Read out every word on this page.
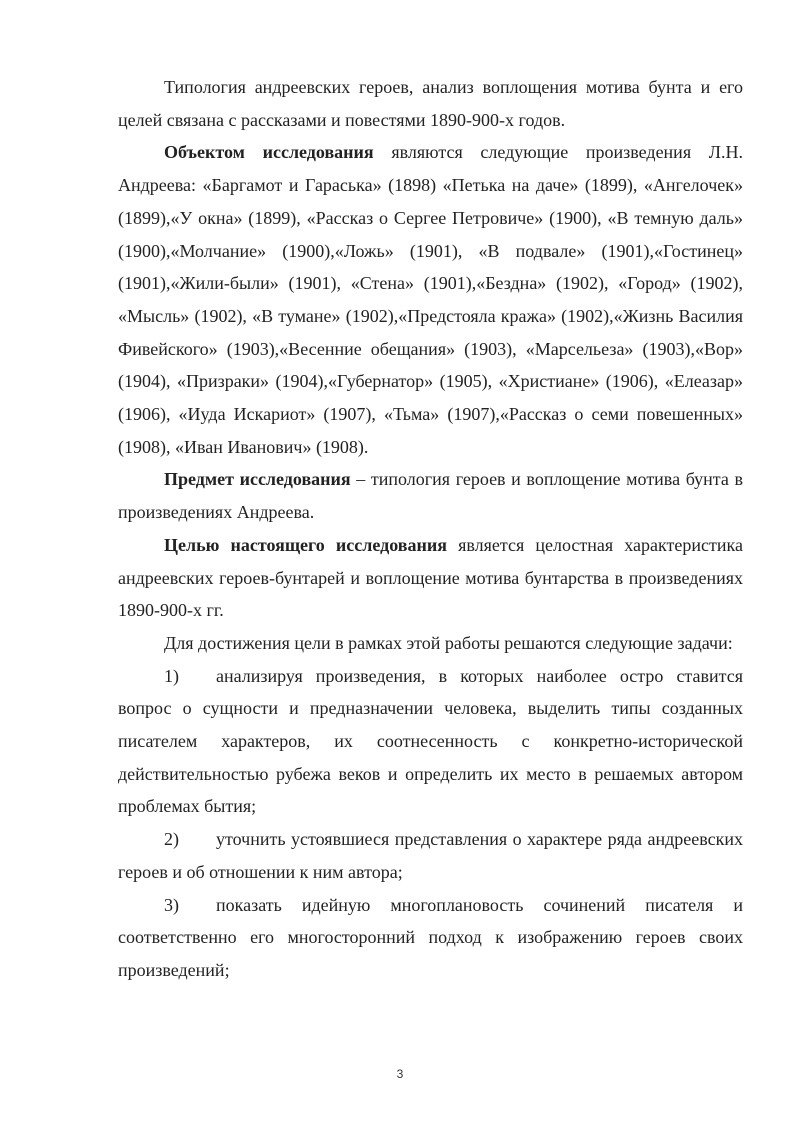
Типология андреевских героев, анализ воплощения мотива бунта и его целей связана с рассказами и повестями 1890-900-х годов.

Объектом исследования являются следующие произведения Л.Н. Андреева: «Баргамот и Гараська» (1898) «Петька на даче» (1899), «Ангелочек» (1899),«У окна» (1899), «Рассказ о Сергее Петровиче» (1900), «В темную даль» (1900),«Молчание» (1900),«Ложь» (1901), «В подвале» (1901),«Гостинец» (1901),«Жили-были» (1901), «Стена» (1901),«Бездна» (1902), «Город» (1902), «Мысль» (1902), «В тумане» (1902),«Предстояла кража» (1902),«Жизнь Василия Фивейского» (1903),«Весенние обещания» (1903), «Марсельеза» (1903),«Вор» (1904), «Призраки» (1904),«Губернатор» (1905), «Христиане» (1906), «Елеазар» (1906), «Иуда Искариот» (1907), «Тьма» (1907),«Рассказ о семи повешенных» (1908), «Иван Иванович» (1908).

Предмет исследования – типология героев и воплощение мотива бунта в произведениях Андреева.

Целью настоящего исследования является целостная характеристика андреевских героев-бунтарей и воплощение мотива бунтарства в произведениях 1890-900-х гг.

Для достижения цели в рамках этой работы решаются следующие задачи:

1) анализируя произведения, в которых наиболее остро ставится вопрос о сущности и предназначении человека, выделить типы созданных писателем характеров, их соотнесенность с конкретно-исторической действительностью рубежа веков и определить их место в решаемых автором проблемах бытия;

2) уточнить устоявшиеся представления о характере ряда андреевских героев и об отношении к ним автора;

3) показать идейную многоплановость сочинений писателя и соответственно его многосторонний подход к изображению героев своих произведений;

3
